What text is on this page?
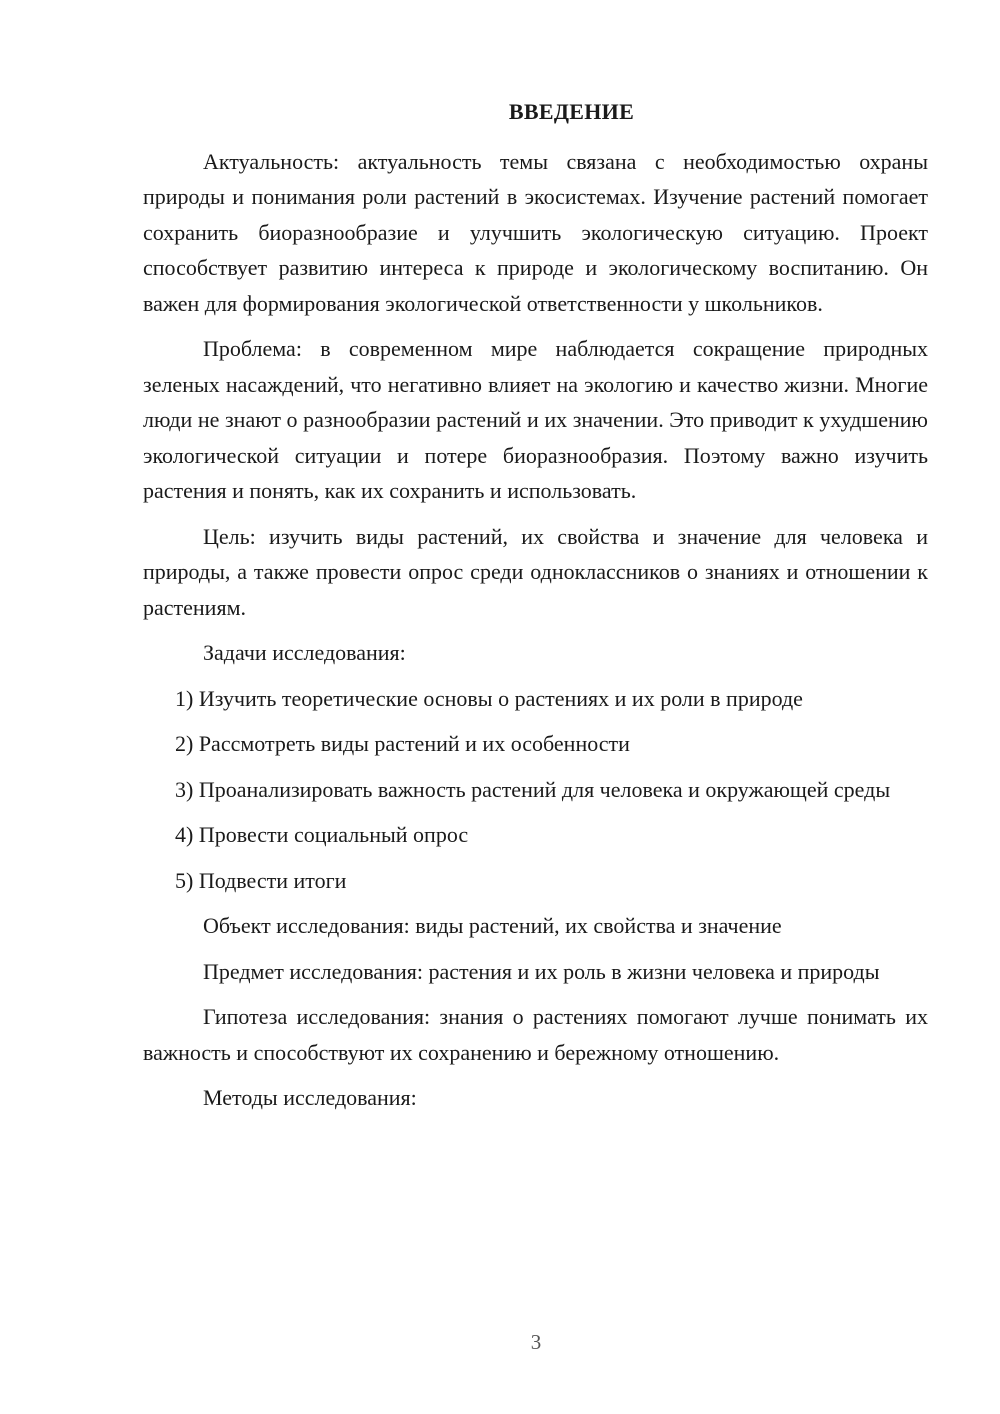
ВВЕДЕНИЕ

Актуальность: актуальность темы связана с необходимостью охраны природы и понимания роли растений в экосистемах. Изучение растений помогает сохранить биоразнообразие и улучшить экологическую ситуацию. Проект способствует развитию интереса к природе и экологическому воспитанию. Он важен для формирования экологической ответственности у школьников.

Проблема: в современном мире наблюдается сокращение природных зеленых насаждений, что негативно влияет на экологию и качество жизни. Многие люди не знают о разнообразии растений и их значении. Это приводит к ухудшению экологической ситуации и потере биоразнообразия. Поэтому важно изучить растения и понять, как их сохранить и использовать.

Цель: изучить виды растений, их свойства и значение для человека и природы, а также провести опрос среди одноклассников о знаниях и отношении к растениям.

Задачи исследования:

1) Изучить теоретические основы о растениях и их роли в природе

2) Рассмотреть виды растений и их особенности

3) Проанализировать важность растений для человека и окружающей среды

4) Провести социальный опрос

5) Подвести итоги

Объект исследования: виды растений, их свойства и значение

Предмет исследования: растения и их роль в жизни человека и природы

Гипотеза исследования: знания о растениях помогают лучше понимать их важность и способствуют их сохранению и бережному отношению.

Методы исследования:

3
